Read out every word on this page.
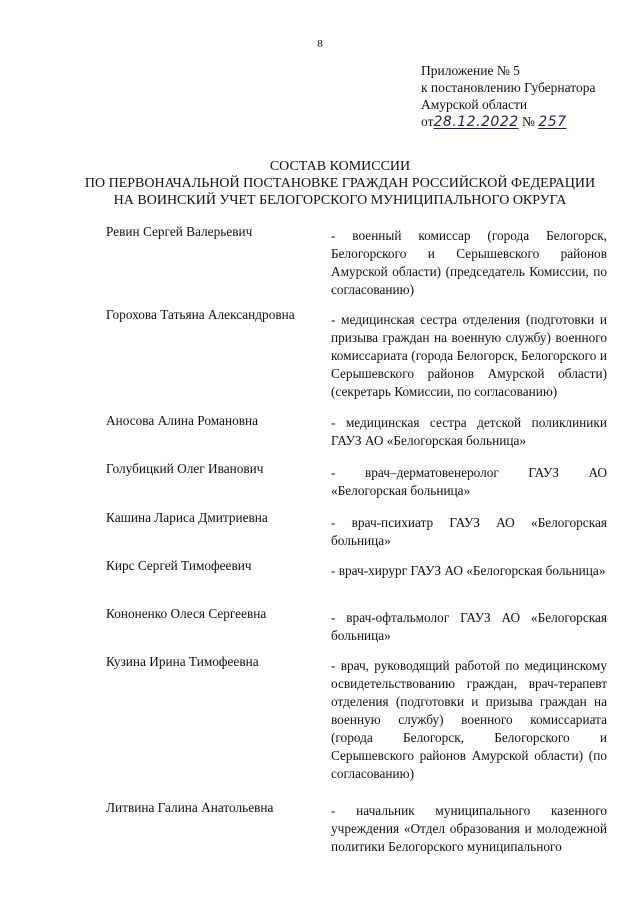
8
Приложение № 5
к постановлению Губернатора
Амурской области
от28.12.2022 № 257
СОСТАВ КОМИССИИ
ПО ПЕРВОНАЧАЛЬНОЙ ПОСТАНОВКЕ ГРАЖДАН РОССИЙСКОЙ ФЕДЕРАЦИИ
НА ВОИНСКИЙ УЧЕТ БЕЛОГОРСКОГО МУНИЦИПАЛЬНОГО ОКРУГА
Ревин Сергей Валерьевич	- военный комиссар (города Белогорск, Белогорского и Серышевского районов Амурской области) (председатель Комиссии, по согласованию)
Горохова Татьяна Александровна	- медицинская сестра отделения (подготовки и призыва граждан на военную службу) военного комиссариата (города Белогорск, Белогорского и Серышевского районов Амурской области) (секретарь Комиссии, по согласованию)
Аносова Алина Романовна	- медицинская сестра детской поликлиники ГАУЗ АО «Белогорская больница»
Голубицкий Олег Иванович	- врач–дерматовенеролог ГАУЗ АО «Белогорская больница»
Кашина Лариса Дмитриевна	- врач-психиатр ГАУЗ АО «Белогорская больница»
Кирс Сергей Тимофеевич	- врач-хирург ГАУЗ АО «Белогорская больница»
Кононенко Олеся Сергеевна	- врач-офтальмолог ГАУЗ АО «Белогорская больница»
Кузина Ирина Тимофеевна	- врач, руководящий работой по медицинскому освидетельствованию граждан, врач-терапевт отделения (подготовки и призыва граждан на военную службу) военного комиссариата (города Белогорск, Белогорского и Серышевского районов Амурской области) (по согласованию)
Литвина Галина Анатольевна	- начальник муниципального казенного учреждения «Отдел образования и молодежной политики Белогорского муниципального
